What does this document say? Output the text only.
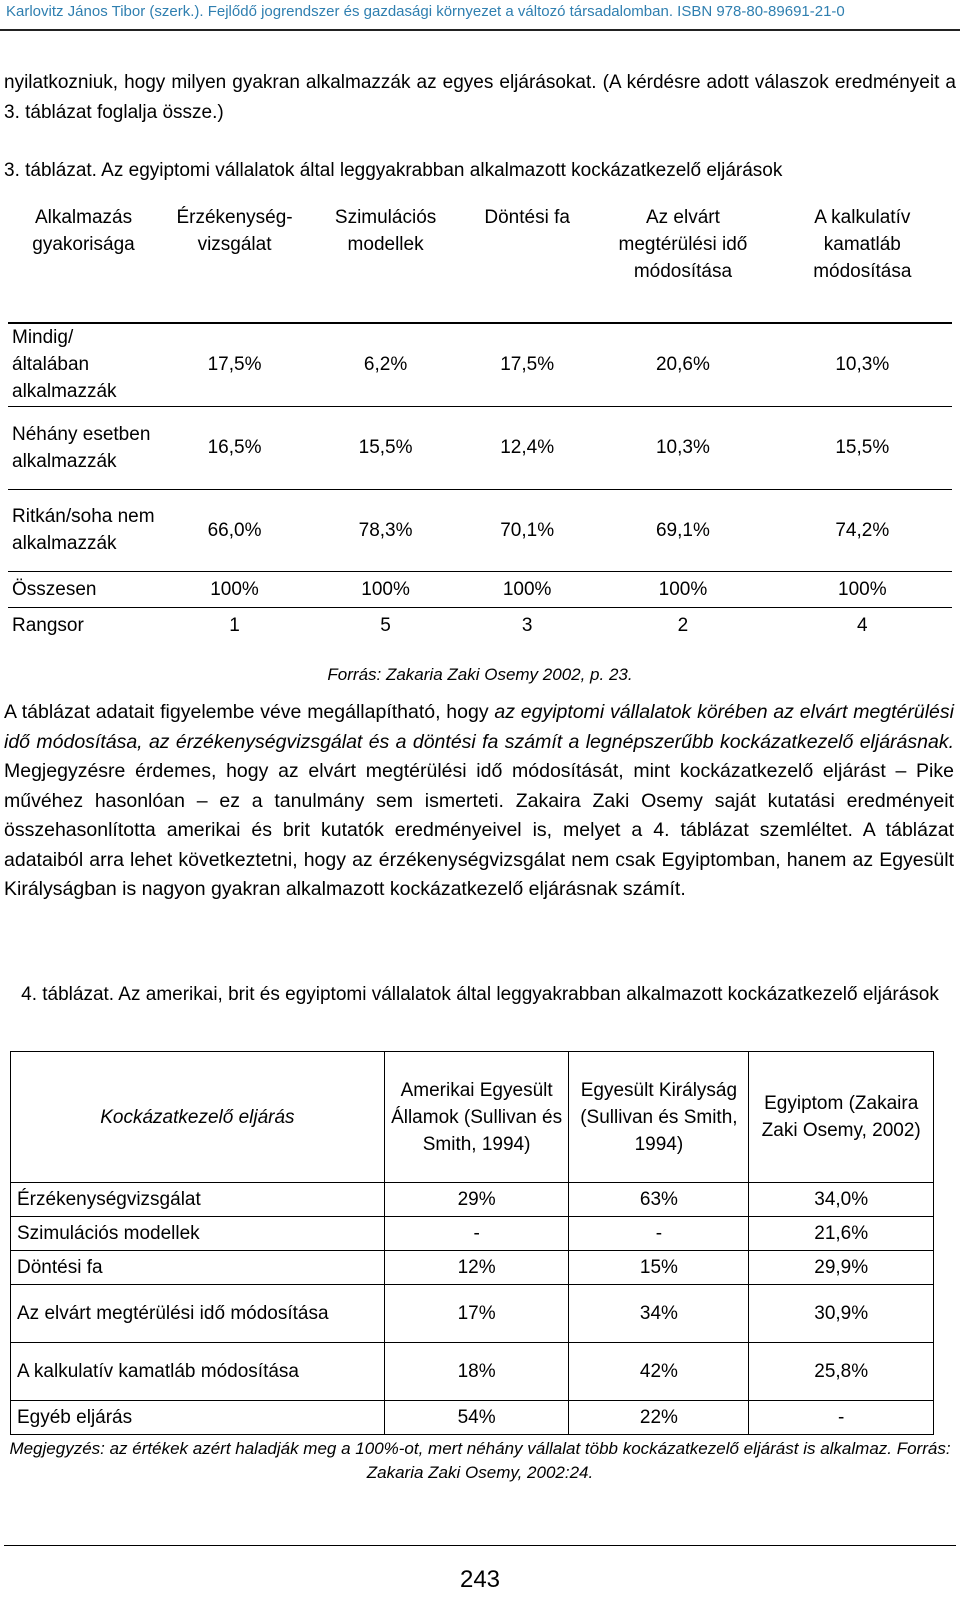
Karlovitz János Tibor (szerk.). Fejlődő jogrendszer és gazdasági környezet a változó társadalomban. ISBN 978-80-89691-21-0
nyilatkozniuk, hogy milyen gyakran alkalmazzák az egyes eljárásokat. (A kérdésre adott válaszok eredményeit a 3. táblázat foglalja össze.)
3. táblázat. Az egyiptomi vállalatok által leggyakrabban alkalmazott kockázatkezelő eljárások
Alkalmazás gyakorisága	Érzékenység-vizsgálat	Szimulációs modellek	Döntési fa	Az elvárt megtérülési idő módosítása	A kalkulatív kamatláb módosítása
Mindig/ általában alkalmazzák	17,5%	6,2%	17,5%	20,6%	10,3%
Néhány esetben alkalmazzák	16,5%	15,5%	12,4%	10,3%	15,5%
Ritkán/soha nem alkalmazzák	66,0%	78,3%	70,1%	69,1%	74,2%
Összesen	100%	100%	100%	100%	100%
Rangsor	1	5	3	2	4
Forrás: Zakaria Zaki Osemy 2002, p. 23.
A táblázat adatait figyelembe véve megállapítható, hogy az egyiptomi vállalatok körében az elvárt megtérülési idő módosítása, az érzékenységvizsgálat és a döntési fa számít a legnépszerűbb kockázatkezelő eljárásnak. Megjegyzésre érdemes, hogy az elvárt megtérülési idő módosítását, mint kockázatkezelő eljárást – Pike művéhez hasonlóan – ez a tanulmány sem ismerteti. Zakaira Zaki Osemy saját kutatási eredményeit összehasonlította amerikai és brit kutatók eredményeivel is, melyet a 4. táblázat szemléltet. A táblázat adataiból arra lehet következtetni, hogy az érzékenységvizsgálat nem csak Egyiptomban, hanem az Egyesült Királyságban is nagyon gyakran alkalmazott kockázatkezelő eljárásnak számít.
4. táblázat. Az amerikai, brit és egyiptomi vállalatok által leggyakrabban alkalmazott kockázatkezelő eljárások
Kockázatkezelő eljárás	Amerikai Egyesült Államok (Sullivan és Smith, 1994)	Egyesült Királyság (Sullivan és Smith, 1994)	Egyiptom (Zakaira Zaki Osemy, 2002)
Érzékenységvizsgálat	29%	63%	34,0%
Szimulációs modellek	-	-	21,6%
Döntési fa	12%	15%	29,9%
Az elvárt megtérülési idő módosítása	17%	34%	30,9%
A kalkulatív kamatláb módosítása	18%	42%	25,8%
Egyéb eljárás	54%	22%	-
Megjegyzés: az értékek azért haladják meg a 100%-ot, mert néhány vállalat több kockázatkezelő eljárást is alkalmaz. Forrás: Zakaria Zaki Osemy, 2002:24.
243
